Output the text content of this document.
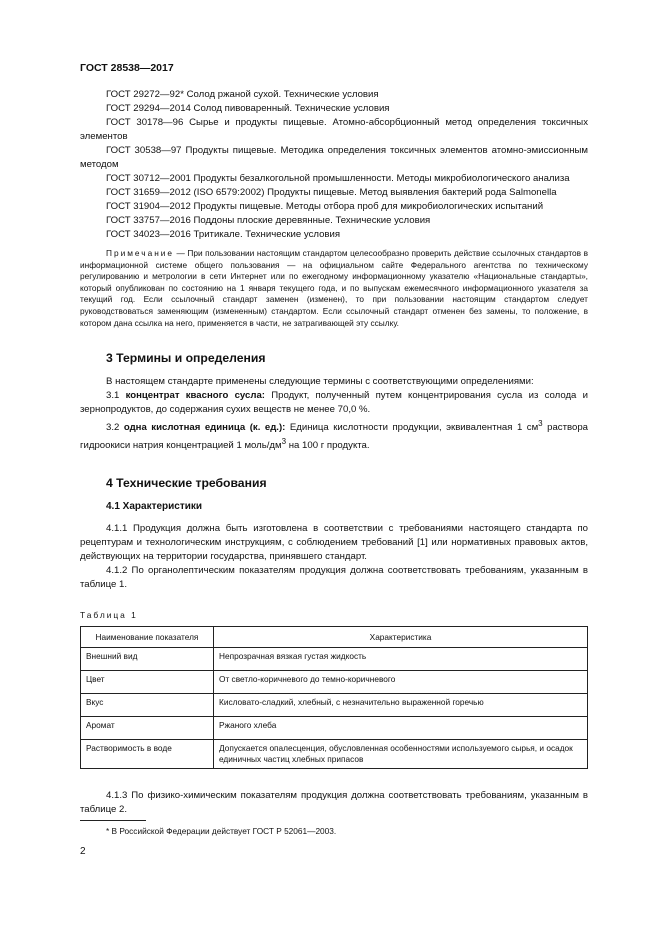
ГОСТ 28538—2017

ГОСТ 29272—92* Солод ржаной сухой. Технические условия

ГОСТ 29294—2014 Солод пивоваренный. Технические условия

ГОСТ 30178—96 Сырье и продукты пищевые. Атомно-абсорбционный метод определения токсичных элементов

ГОСТ 30538—97 Продукты пищевые. Методика определения токсичных элементов атомно-эмиссионным методом

ГОСТ 30712—2001 Продукты безалкогольной промышленности. Методы микробиологического анализа

ГОСТ 31659—2012 (ISO 6579:2002) Продукты пищевые. Метод выявления бактерий рода Salmonella

ГОСТ 31904—2012 Продукты пищевые. Методы отбора проб для микробиологических испытаний

ГОСТ 33757—2016 Поддоны плоские деревянные. Технические условия

ГОСТ 34023—2016 Тритикале. Технические условия

Примечание — При пользовании настоящим стандартом целесообразно проверить действие ссылочных стандартов в информационной системе общего пользования — на официальном сайте Федерального агентства по техническому регулированию и метрологии в сети Интернет или по ежегодному информационному указателю «Национальные стандарты», который опубликован по состоянию на 1 января текущего года, и по выпускам ежемесячного информационного указателя за текущий год. Если ссылочный стандарт заменен (изменен), то при пользовании настоящим стандартом следует руководствоваться заменяющим (измененным) стандартом. Если ссылочный стандарт отменен без замены, то положение, в котором дана ссылка на него, применяется в части, не затрагивающей эту ссылку.

3 Термины и определения

В настоящем стандарте применены следующие термины с соответствующими определениями:

3.1 концентрат квасного сусла: Продукт, полученный путем концентрирования сусла из солода и зернопродуктов, до содержания сухих веществ не менее 70,0 %.

3.2 одна кислотная единица (к. ед.): Единица кислотности продукции, эквивалентная 1 $см^3$ раствора гидроокиси натрия концентрацией 1 моль/$дм^3$ на 100 г продукта.

4 Технические требования
4.1 Характеристики

4.1.1 Продукция должна быть изготовлена в соответствии с требованиями настоящего стандарта по рецептурам и технологическим инструкциям, с соблюдением требований [1] или нормативных правовых актов, действующих на территории государства, принявшего стандарт.

4.1.2 По органолептическим показателям продукция должна соответствовать требованиям, указанным в таблице 1.

Таблица 1
Наименование показателя	Характеристика
Внешний вид	Непрозрачная вязкая густая жидкость
Цвет	От светло-коричневого до темно-коричневого
Вкус	Кисловато-сладкий, хлебный, с незначительно выраженной горечью
Аромат	Ржаного хлеба
Растворимость в воде	Допускается опалесценция, обусловленная особенностями используемого сырья, и осадок единичных частиц хлебных припасов

4.1.3 По физико-химическим показателям продукция должна соответствовать требованиям, указанным в таблице 2.

* В Российской Федерации действует ГОСТ Р 52061—2003.
2
